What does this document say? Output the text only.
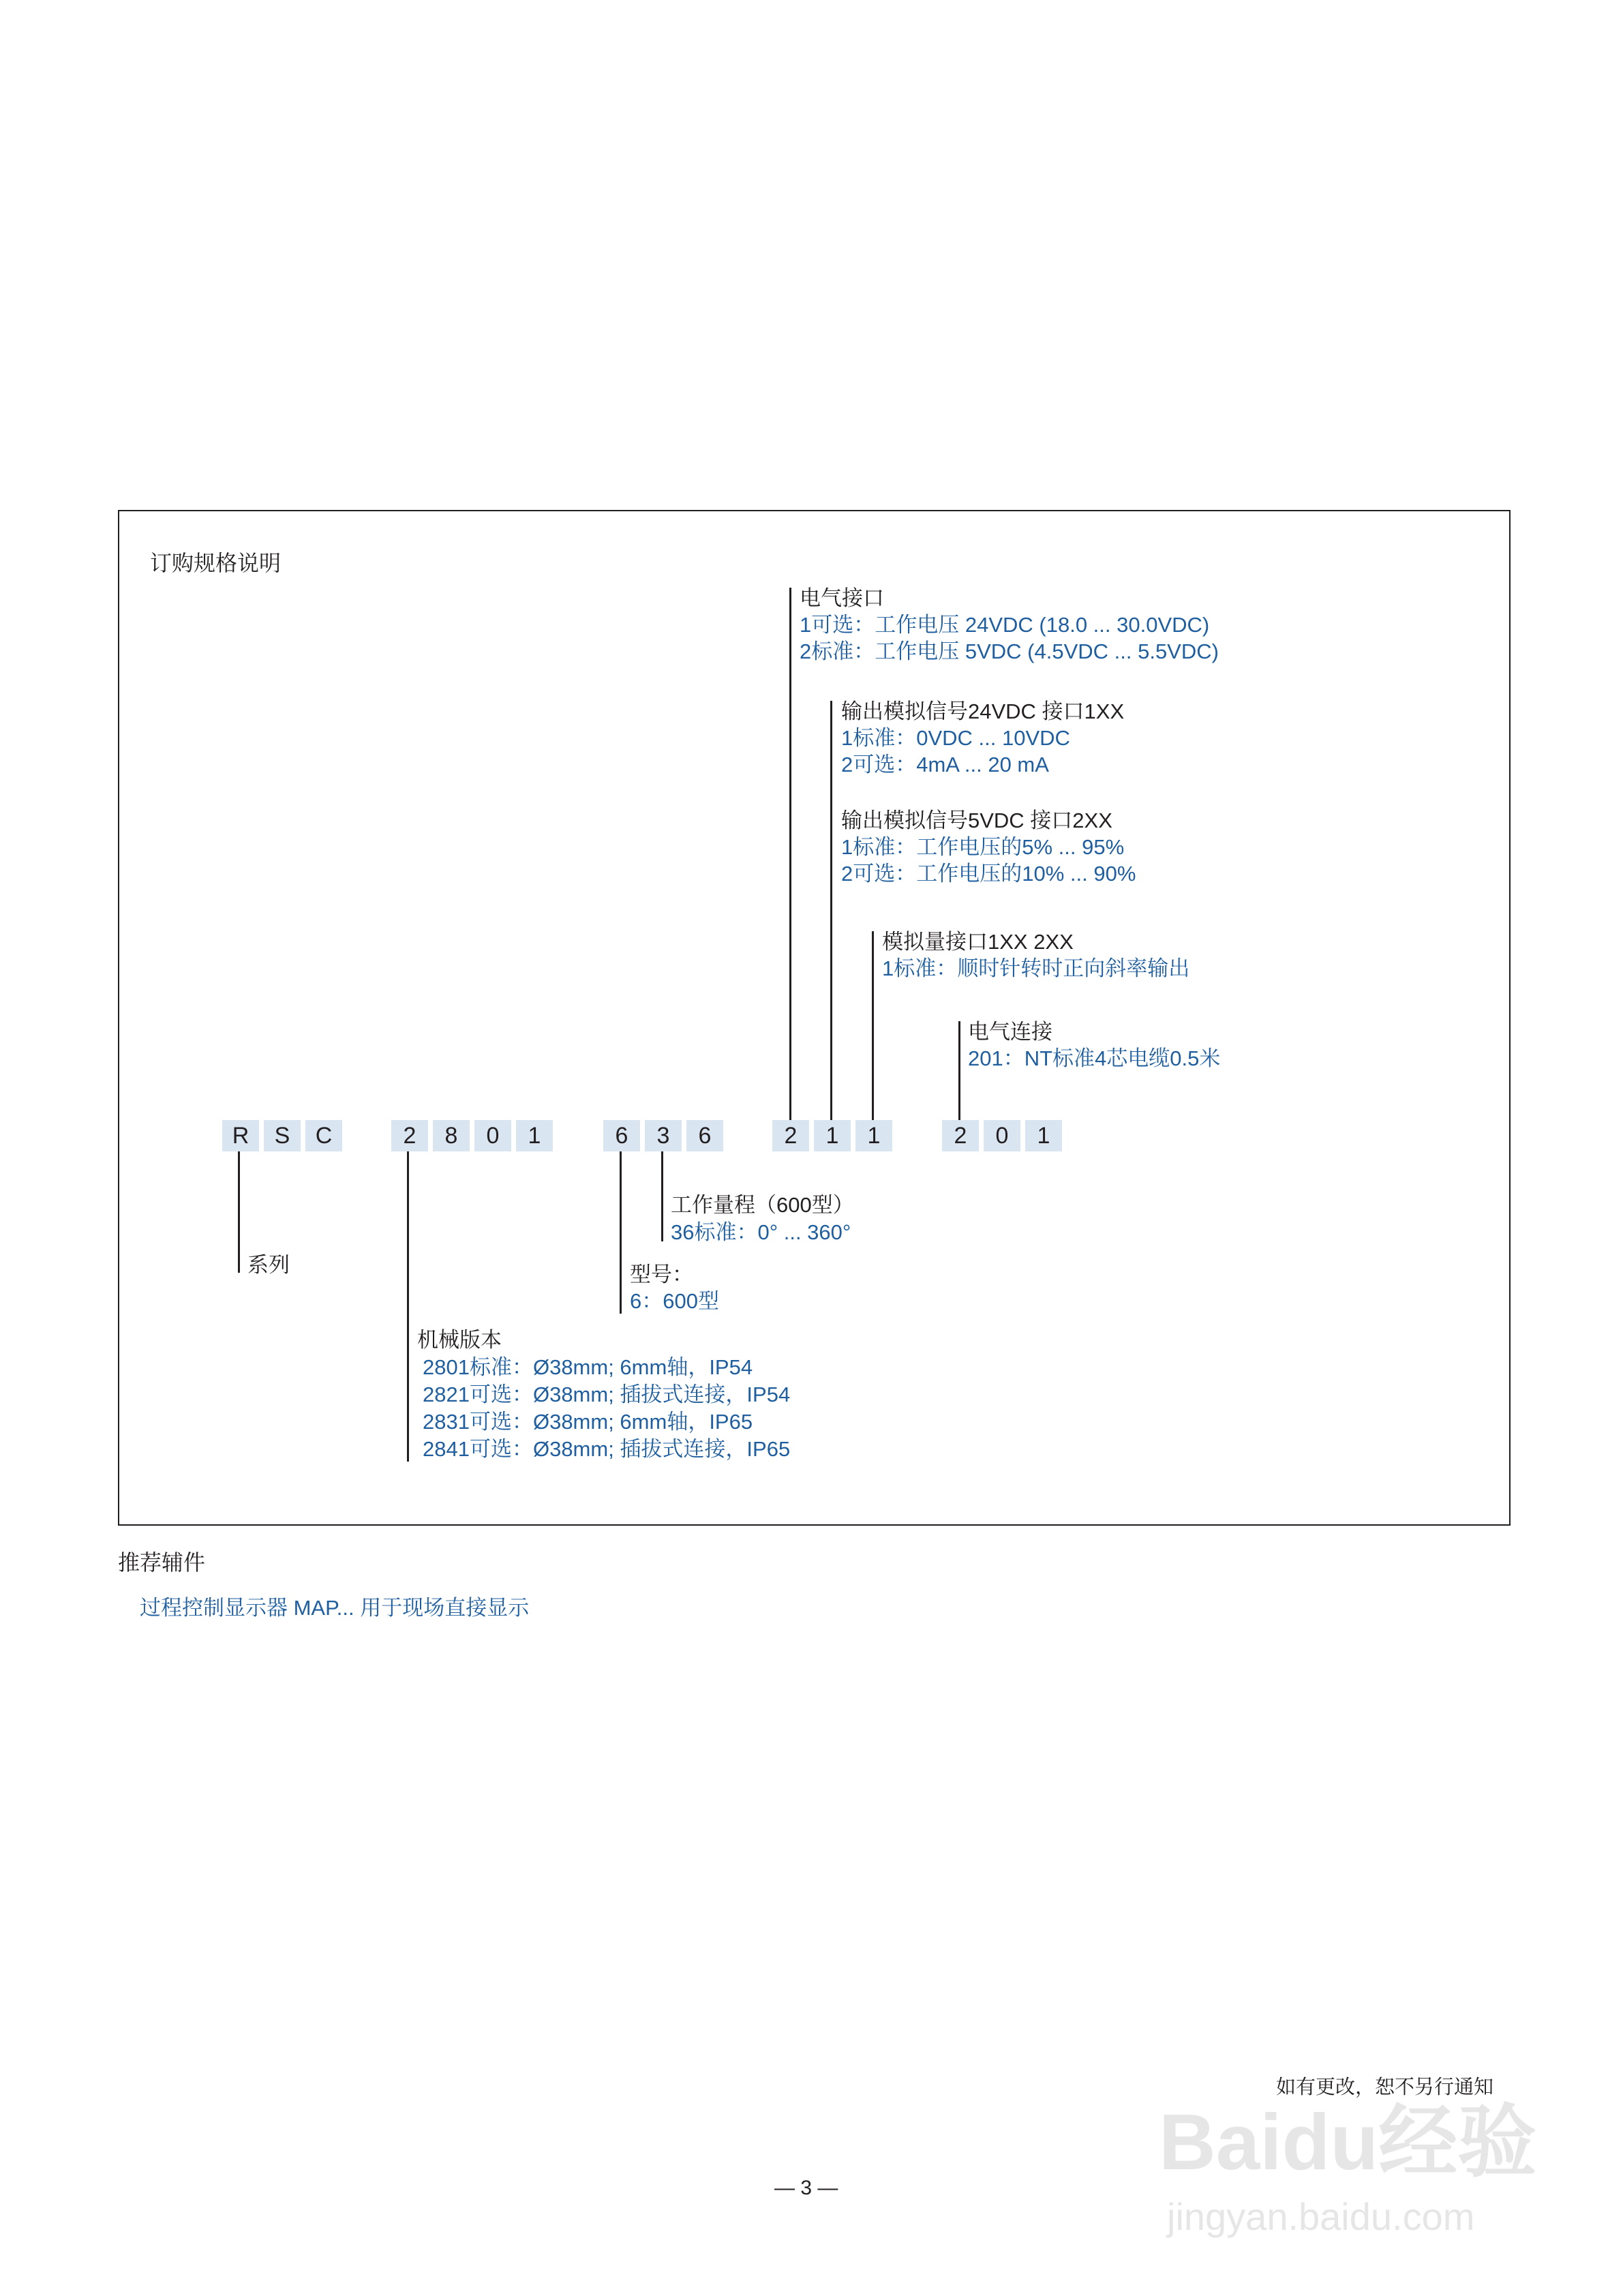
订购规格说明
电气接口
1可选：工作电压 24VDC (18.0 ... 30.0VDC)
2标准：工作电压 5VDC (4.5VDC ... 5.5VDC)
输出模拟信号24VDC 接口1XX
1标准：0VDC ... 10VDC
2可选：4mA ... 20 mA
输出模拟信号5VDC 接口2XX
1标准：工作电压的5% ... 95%
2可选：工作电压的10% ... 90%
模拟量接口1XX 2XX
1标准：顺时针转时正向斜率输出
电气连接
201：NT标准4芯电缆0.5米
R	S	C	2	8	0	1	6	3	6	2	1	1	2	0	1
工作量程（600型）
36标准：0° ... 360°
系列	型号：
6：600型
机械版本
2801标准：Ø38mm; 6mm轴，IP54
2821可选：Ø38mm; 插拔式连接，IP54
2831可选：Ø38mm; 6mm轴，IP65
2841可选：Ø38mm; 插拔式连接，IP65
推荐辅件
过程控制显示器 MAP... 用于现场直接显示
如有更改，恕不另行通知
Baidu经验
jingyan.baidu.com
— 3 —
